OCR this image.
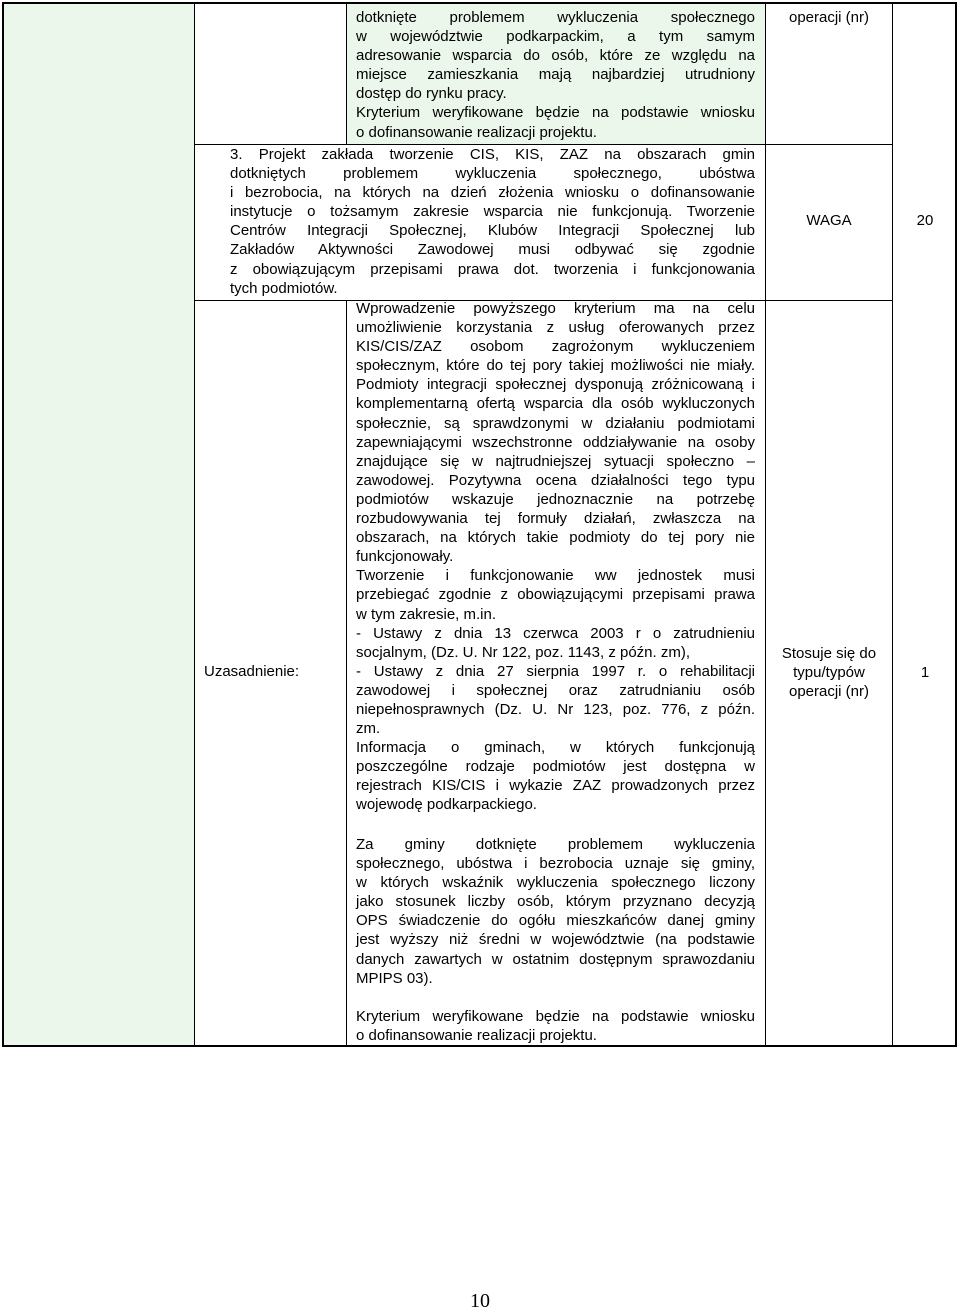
dotknięte problemem wykluczenia społecznego
w województwie podkarpackim, a tym samym
adresowanie wsparcia do osób, które ze względu na
miejsce zamieszkania mają najbardziej utrudniony
dostęp do rynku pracy.
Kryterium weryfikowane będzie na podstawie wniosku
o dofinansowanie realizacji projektu.
operacji (nr)
3. Projekt zakłada tworzenie CIS, KIS, ZAZ na obszarach gmin
dotkniętych problemem wykluczenia społecznego, ubóstwa
i bezrobocia, na których na dzień złożenia wniosku o dofinansowanie
instytucje o tożsamym zakresie wsparcia nie funkcjonują. Tworzenie
Centrów Integracji Społecznej, Klubów Integracji Społecznej lub
Zakładów Aktywności Zawodowej musi odbywać się zgodnie
z obowiązującym przepisami prawa dot. tworzenia i funkcjonowania
tych podmiotów.
WAGA	20
Uzasadnienie:
Wprowadzenie powyższego kryterium ma na celu
umożliwienie korzystania z usług oferowanych przez
KIS/CIS/ZAZ osobom zagrożonym wykluczeniem
społecznym, które do tej pory takiej możliwości nie miały.
Podmioty integracji społecznej dysponują zróżnicowaną i
komplementarną ofertą wsparcia dla osób wykluczonych
społecznie, są sprawdzonymi w działaniu podmiotami
zapewniającymi wszechstronne oddziaływanie na osoby
znajdujące się w najtrudniejszej sytuacji społeczno –
zawodowej. Pozytywna ocena działalności tego typu
podmiotów wskazuje jednoznacznie na potrzebę
rozbudowywania tej formuły działań, zwłaszcza na
obszarach, na których takie podmioty do tej pory nie
funkcjonowały.
Tworzenie i funkcjonowanie ww jednostek musi
przebiegać zgodnie z obowiązującymi przepisami prawa
w tym zakresie, m.in.
- Ustawy z dnia 13 czerwca 2003 r o zatrudnieniu
socjalnym, (Dz. U. Nr 122, poz. 1143, z późn. zm),
- Ustawy z dnia 27 sierpnia 1997 r. o rehabilitacji
zawodowej i społecznej oraz zatrudnianiu osób
niepełnosprawnych (Dz. U. Nr 123, poz. 776, z późn.
zm.
Informacja o gminach, w których funkcjonują
poszczególne rodzaje podmiotów jest dostępna w
rejestrach KIS/CIS i wykazie ZAZ prowadzonych przez
wojewodę podkarpackiego.
Za gminy dotknięte problemem wykluczenia
społecznego, ubóstwa i bezrobocia uznaje się gminy,
w których wskaźnik wykluczenia społecznego liczony
jako stosunek liczby osób, którym przyznano decyzją
OPS świadczenie do ogółu mieszkańców danej gminy
jest wyższy niż średni w województwie (na podstawie
danych zawartych w ostatnim dostępnym sprawozdaniu
MPIPS 03).
Kryterium weryfikowane będzie na podstawie wniosku
o dofinansowanie realizacji projektu.
Stosuje się do typu/typów operacji (nr)
1
10
